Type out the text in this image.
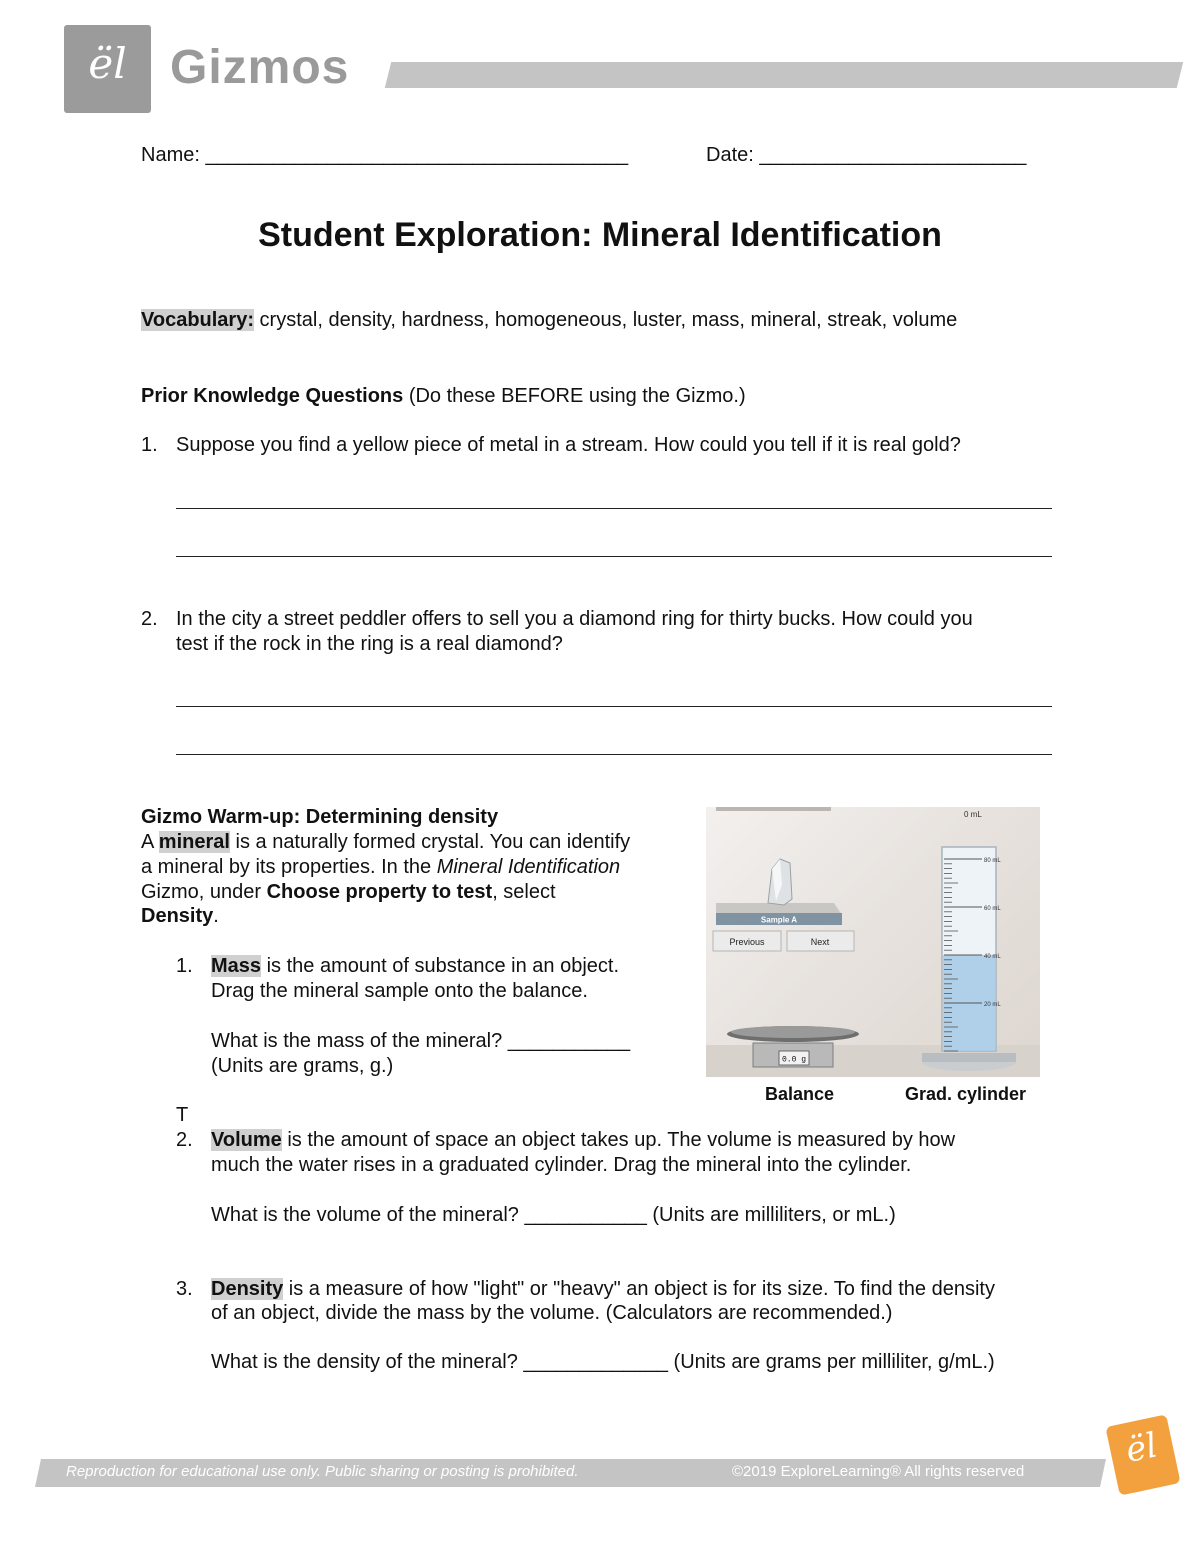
ël Gizmos
Name: ______________________________________	Date: ________________________
Student Exploration: Mineral Identification
Vocabulary: crystal, density, hardness, homogeneous, luster, mass, mineral, streak, volume
Prior Knowledge Questions (Do these BEFORE using the Gizmo.)
1. Suppose you find a yellow piece of metal in a stream. How could you tell if it is real gold?
2. In the city a street peddler offers to sell you a diamond ring for thirty bucks. How could you
test if the rock in the ring is a real diamond?
Gizmo Warm-up: Determining density
A mineral is a naturally formed crystal. You can identify
a mineral by its properties. In the Mineral Identification
Gizmo, under Choose property to test, select
Density.
1. Mass is the amount of substance in an object.
Drag the mineral sample onto the balance.
What is the mass of the mineral? ___________
(Units are grams, g.)
T
2. Volume is the amount of space an object takes up. The volume is measured by how
much the water rises in a graduated cylinder. Drag the mineral into the cylinder.
What is the volume of the mineral? ___________ (Units are milliliters, or mL.)
3. Density is a measure of how "light" or "heavy" an object is for its size. To find the density
of an object, divide the mass by the volume. (Calculators are recommended.)
What is the density of the mineral? _____________ (Units are grams per milliliter, g/mL.)
Sample A
Previous	Next
0.0 g
0 mL
80 mL
60 mL
40 mL
20 mL
Balance	Grad. cylinder
Reproduction for educational use only. Public sharing or posting is prohibited.	©2019 ExploreLearning® All rights reserved
ël
